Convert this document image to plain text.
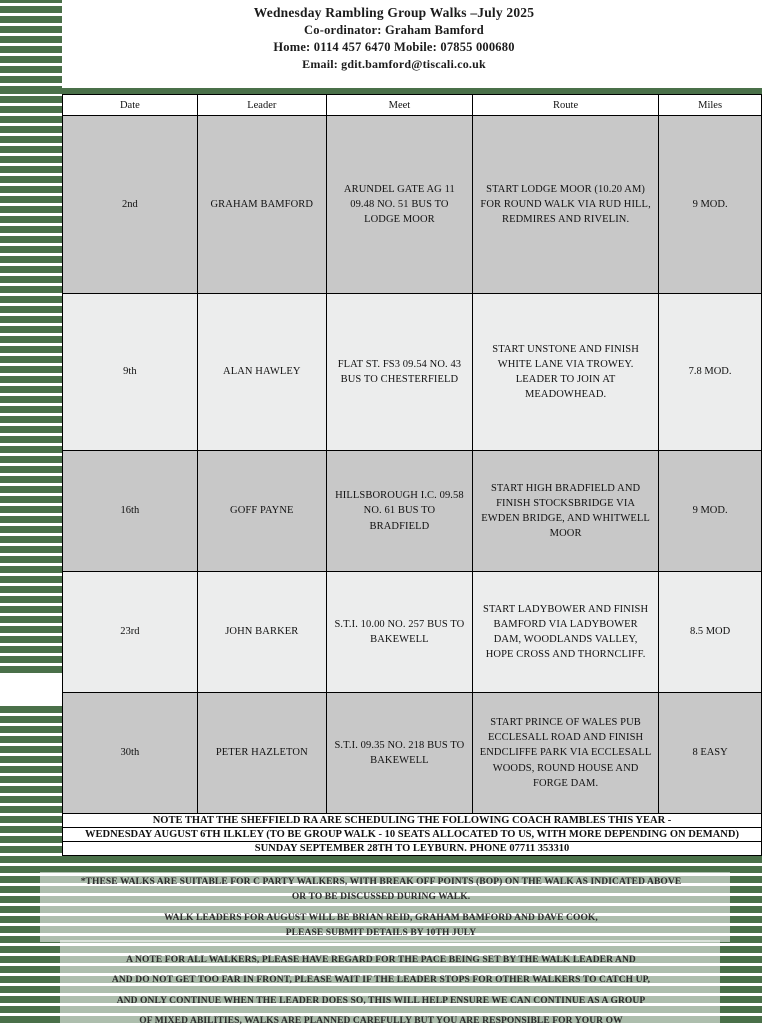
Wednesday Rambling Group Walks –July 2025
Co-ordinator: Graham Bamford
Home: 0114 457 6470 Mobile: 07855 000680
Email: gdit.bamford@tiscali.co.uk
Date	Leader	Meet	Route	Miles
2nd	GRAHAM BAMFORD	ARUNDEL GATE AG 11 09.48 NO. 51 BUS TO LODGE MOOR	START LODGE MOOR (10.20 AM) FOR ROUND WALK VIA RUD HILL, REDMIRES AND RIVELIN.	9 MOD.
9th	ALAN HAWLEY	FLAT ST. FS3 09.54 NO. 43 BUS TO CHESTERFIELD	START UNSTONE AND FINISH WHITE LANE VIA TROWEY. LEADER TO JOIN AT MEADOWHEAD.	7.8 MOD.
16th	GOFF PAYNE	HILLSBOROUGH I.C. 09.58 NO. 61 BUS TO BRADFIELD	START HIGH BRADFIELD AND FINISH STOCKSBRIDGE VIA EWDEN BRIDGE, AND WHITWELL MOOR	9 MOD.
23rd	JOHN BARKER	S.T.I. 10.00 NO. 257 BUS TO BAKEWELL	START LADYBOWER AND FINISH BAMFORD VIA LADYBOWER DAM, WOODLANDS VALLEY, HOPE CROSS AND THORNCLIFF.	8.5 MOD
30th	PETER HAZLETON	S.T.I. 09.35 NO. 218 BUS TO BAKEWELL	START PRINCE OF WALES PUB ECCLESALL ROAD AND FINISH ENDCLIFFE PARK VIA ECCLESALL WOODS, ROUND HOUSE AND FORGE DAM.	8 EASY
NOTE THAT THE SHEFFIELD RA ARE SCHEDULING THE FOLLOWING COACH RAMBLES THIS YEAR -
WEDNESDAY AUGUST 6TH ILKLEY (TO BE GROUP WALK - 10 SEATS ALLOCATED TO US, WITH MORE DEPENDING ON DEMAND)
SUNDAY SEPTEMBER 28TH TO LEYBURN. PHONE 07711 353310
*THESE WALKS ARE SUITABLE FOR C PARTY WALKERS, WITH BREAK OFF POINTS (BOP) ON THE WALK AS INDICATED ABOVE
OR TO BE DISCUSSED DURING WALK.
WALK LEADERS FOR AUGUST WILL BE BRIAN REID, GRAHAM BAMFORD AND DAVE COOK,
PLEASE SUBMIT DETAILS BY 10TH JULY
A NOTE FOR ALL WALKERS, PLEASE HAVE REGARD FOR THE PACE BEING SET BY THE WALK LEADER AND
AND DO NOT GET TOO FAR IN FRONT, PLEASE WAIT IF THE LEADER STOPS FOR OTHER WALKERS TO CATCH UP,
AND ONLY CONTINUE WHEN THE LEADER DOES SO, THIS WILL HELP ENSURE WE CAN CONTINUE AS A GROUP
OF MIXED ABILITIES, WALKS ARE PLANNED CAREFULLY BUT YOU ARE RESPONSIBLE FOR YOUR OW
